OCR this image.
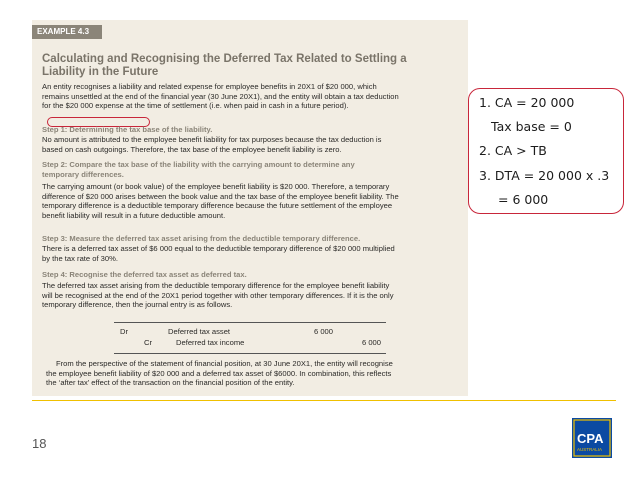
EXAMPLE 4.3
Calculating and Recognising the Deferred Tax Related to Settling a
Liability in the Future
An entity recognises a liability and related expense for employee benefits in 20X1 of $20 000, which
remains unsettled at the end of the financial year (30 June 20X1), and the entity will obtain a tax deduction
for the $20 000 expense at the time of settlement (i.e. when paid in cash in a future period).
Step 1: Determining the tax base of the liability.
No amount is attributed to the employee benefit liability for tax purposes because the tax deduction is
based on cash outgoings. Therefore, the tax base of the employee benefit liability is zero.
Step 2: Compare the tax base of the liability with the carrying amount to determine any
temporary differences.
The carrying amount (or book value) of the employee benefit liability is $20 000. Therefore, a temporary
difference of $20 000 arises between the book value and the tax base of the employee benefit liability. The
temporary difference is a deductible temporary difference because the future settlement of the employee
benefit liability will result in a future deductible amount.
Step 3: Measure the deferred tax asset arising from the deductible temporary difference.
There is a deferred tax asset of $6 000 equal to the deductible temporary difference of $20 000 multiplied
by the tax rate of 30%.
Step 4: Recognise the deferred tax asset as deferred tax.
The deferred tax asset arising from the deductible temporary difference for the employee benefit liability
will be recognised at the end of the 20X1 period together with other temporary differences. If it is the only
temporary difference, then the journal entry is as follows.
Dr	Deferred tax asset	6 000
Cr	Deferred tax income	6 000
From the perspective of the statement of financial position, at 30 June 20X1, the entity will recognise
the employee benefit liability of $20 000 and a deferred tax asset of $6000. In combination, this reflects
the ‘after tax’ effect of the transaction on the financial position of the entity.
1. CA = 20 000
Tax base = 0
2. CA > TB
3. DTA = 20 000 x .3
= 6 000
18	CPA
AUSTRALIA
